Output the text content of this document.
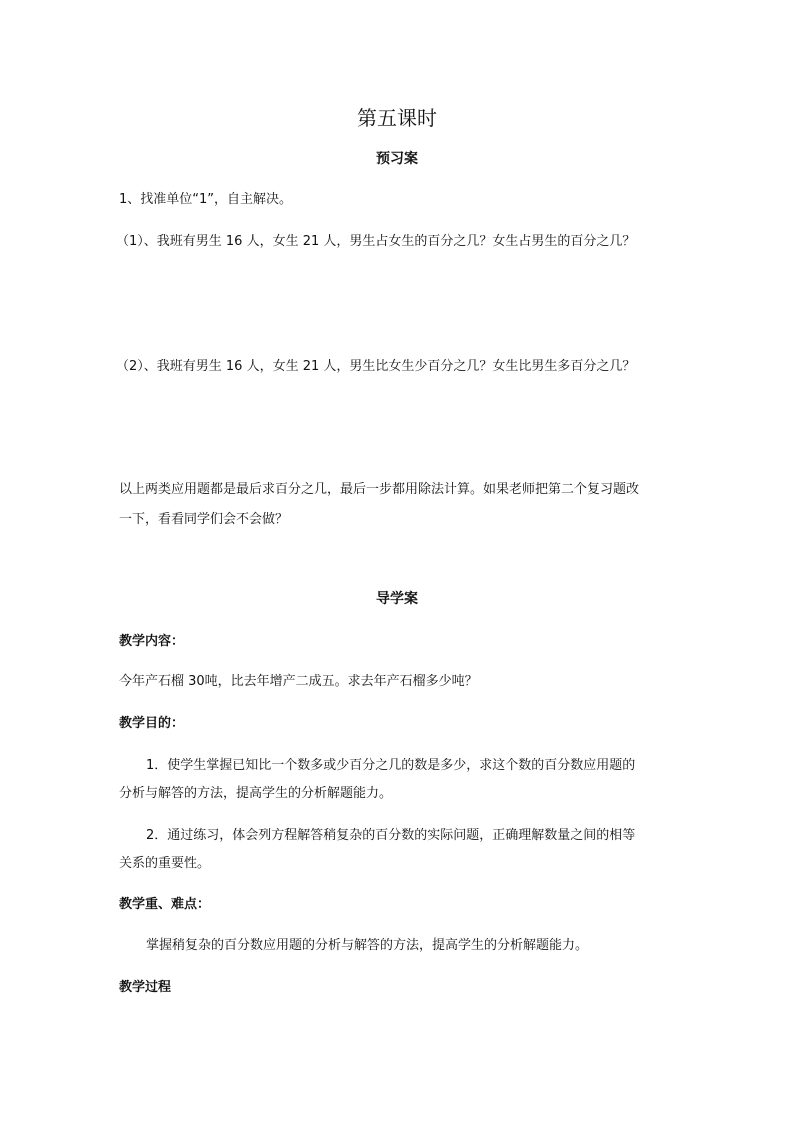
第五课时
预习案
1、找准单位“1”，自主解决。
（1）、我班有男生 16 人，女生 21 人，男生占女生的百分之几？女生占男生的百分之几？
（2）、我班有男生 16 人，女生 21 人，男生比女生少百分之几？女生比男生多百分之几？
以上两类应用题都是最后求百分之几，最后一步都用除法计算。如果老师把第二个复习题改
一下，看看同学们会不会做？
导学案
教学内容：
今年产石榴 30吨，比去年增产二成五。求去年产石榴多少吨？
教学目的：
1．使学生掌握已知比一个数多或少百分之几的数是多少，求这个数的百分数应用题的
分析与解答的方法，提高学生的分析解题能力。
2．通过练习，体会列方程解答稍复杂的百分数的实际问题，正确理解数量之间的相等
关系的重要性。
教学重、难点：
掌握稍复杂的百分数应用题的分析与解答的方法，提高学生的分析解题能力。
教学过程
